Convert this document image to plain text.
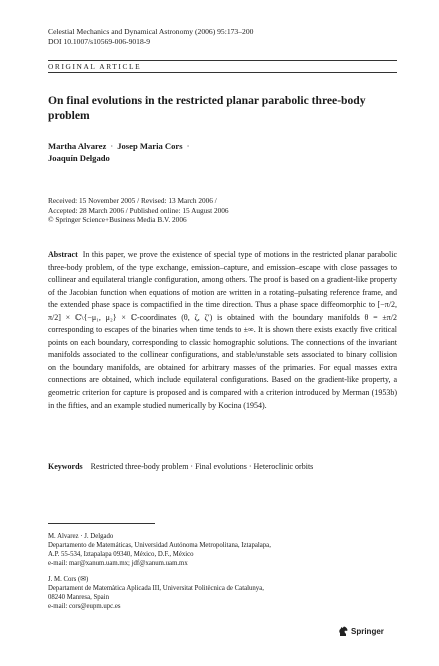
Celestial Mechanics and Dynamical Astronomy (2006) 95:173–200
DOI 10.1007/s10569-006-9018-9
ORIGINAL ARTICLE
On final evolutions in the restricted planar parabolic three-body problem
Martha Alvarez · Josep Maria Cors ·
Joaquín Delgado
Received: 15 November 2005 / Revised: 13 March 2006 /
Accepted: 28 March 2006 / Published online: 15 August 2006
© Springer Science+Business Media B.V. 2006

Abstract In this paper, we prove the existence of special type of motions in the restricted planar parabolic three-body problem, of the type exchange, emission–capture, and emission–escape with close passages to collinear and equilateral triangle configuration, among others. The proof is based on a gradient-like property of the Jacobian function when equations of motion are written in a rotating–pulsating reference frame, and the extended phase space is compactified in the time direction. Thus a phase space diffeomorphic to [−π/2, π/2] × ℂ\{−μ₁, μ₂} × ℂ-coordinates (θ, ζ, ζ′) is obtained with the boundary manifolds θ = ±π/2 corresponding to escapes of the binaries when time tends to ±∞. It is shown there exists exactly five critical points on each boundary, corresponding to classic homographic solutions. The connections of the invariant manifolds associated to the collinear configurations, and stable/unstable sets associated to binary collision on the boundary manifolds, are obtained for arbitrary masses of the primaries. For equal masses extra connections are obtained, which include equilateral configurations. Based on the gradient-like property, a geometric criterion for capture is proposed and is compared with a criterion introduced by Merman (1953b) in the fifties, and an example studied numerically by Kocina (1954).

Keywords Restricted three-body problem · Final evolutions · Heteroclinic orbits
M. Alvarez · J. Delgado
Departamento de Matemáticas, Universidad Autónoma Metropolitana, Iztapalapa,
A.P. 55-534, Iztapalapa 09340, México, D.F., México
e-mail: mar@xanum.uam.mx; jdf@xanum.uam.mx
J. M. Cors (✉)
Departament de Matemàtica Aplicada III, Universitat Politècnica de Catalunya,
08240 Manresa, Spain
e-mail: cors@eupm.upc.es
Springer
